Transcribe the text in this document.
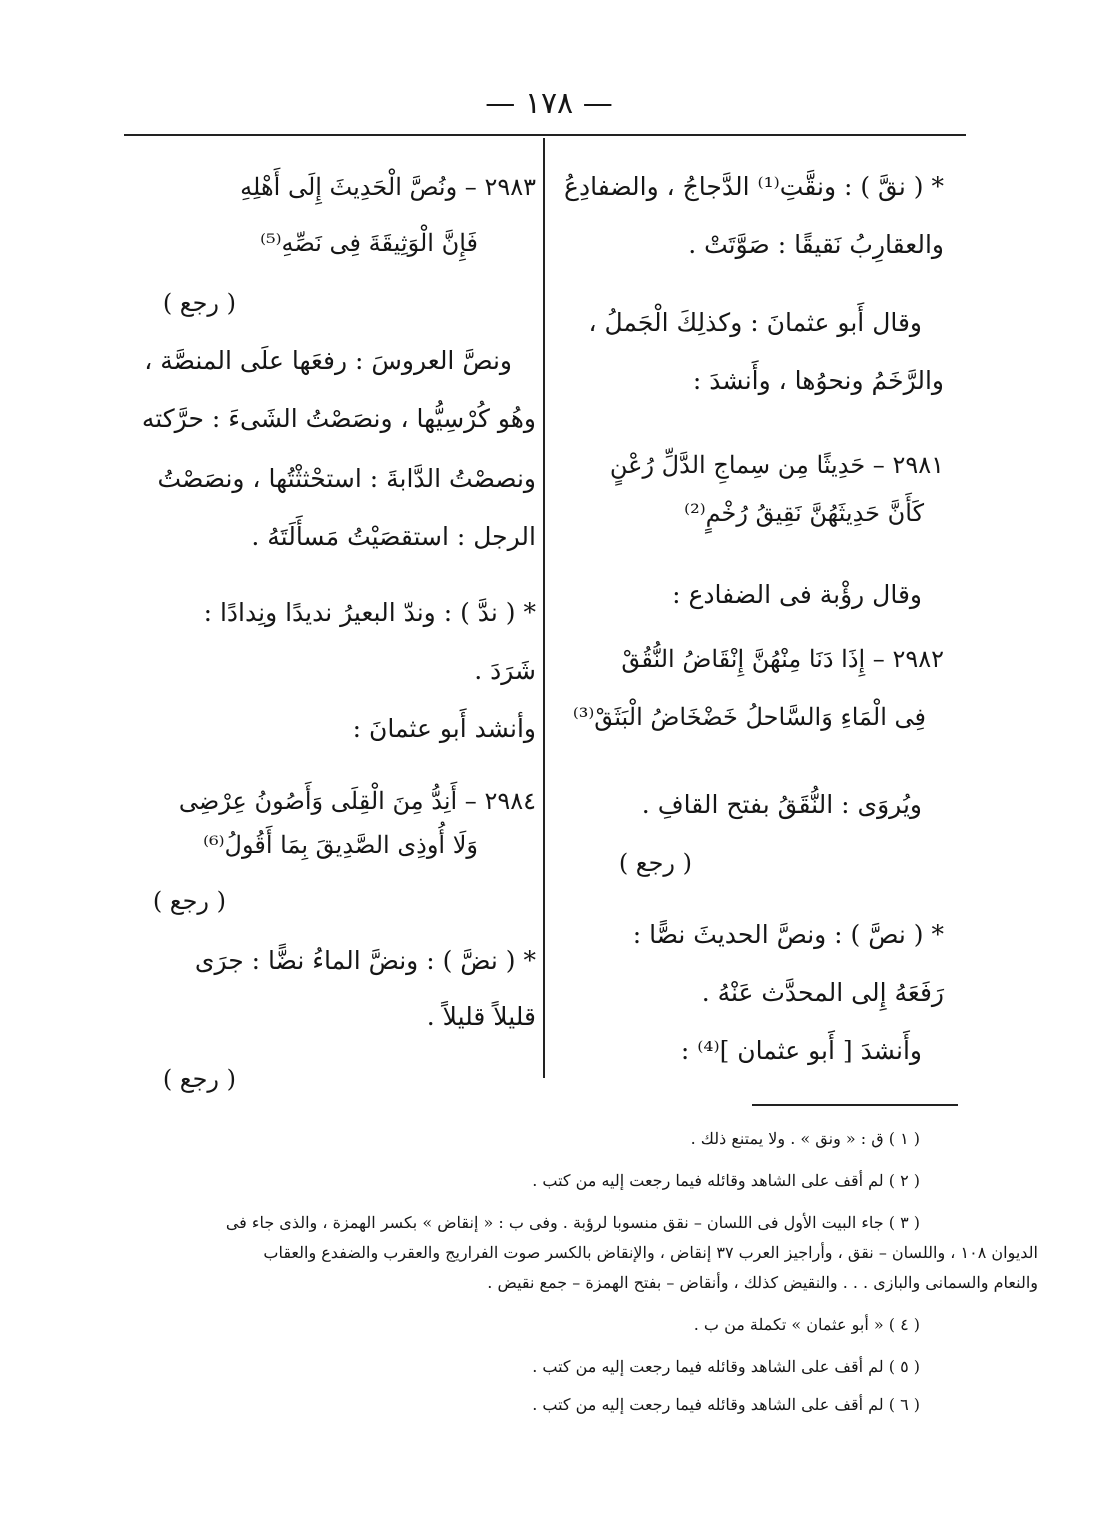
— ١٧٨ —
* ( نقَّ ) : ونقَّتِ⁽¹⁾ الدَّجاجُ ، والضفادِعُ
والعقارِبُ نَقيقًا : صَوَّتَتْ .
وقال أَبو عثمانَ : وكذلِكَ الْجَملُ ،
والرَّخَمُ ونحوُها ، وأَنشدَ :
٢٩٨١ – حَدِيثًا مِن سِماجِ الدَّلِّ رُعْنٍ
كَأَنَّ حَدِيثَهُنَّ نَقِيقُ رُخْمٍ⁽²⁾
وقال رؤْبة فى الضفادع :
٢٩٨٢ – إِذَا دَنَا مِنْهُنَّ إِنْقَاضُ النُّقُقْ
فِى الْمَاءِ وَالسَّاحلُ خَضْخَاضُ الْبَثَقْ⁽³⁾
ويُروَى : النُّقَقُ بفتح القافِ .
( رجع )
* ( نصَّ ) : ونصَّ الحديثَ نصًّا :
رَفَعَهُ إِلى المحدَّث عَنْهُ .
وأَنشدَ [ أَبو عثمان ]⁽⁴⁾ :
٢٩٨٣ – ونُصَّ الْحَدِيثَ إِلَى أَهْلِهِ
فَإِنَّ الْوَثِيقَةَ فِى نَصِّهِ⁽⁵⁾
( رجع )
ونصَّ العروسَ : رفعَها علَى المنصَّة ،
وهُو كُرْسِيُّها ، ونصَصْتُ الشَىءَ : حرَّكته
ونصصْتُ الدَّابةَ : استحْثثْتُها ، ونصَصْتُ
الرجل : استقصَيْتُ مَسأَلَتَهُ .
* ( ندَّ ) : وندّ البعيرُ نديدًا ونِدادًا :
شَرَدَ .
وأنشد أَبو عثمانَ :
٢٩٨٤ – أَنِدُّ مِنَ الْقِلَى وَأَصُونُ عِرْضِى
وَلَا أُوذِى الصَّدِيقَ بِمَا أَقُولُ⁽⁶⁾
( رجع )
* ( نضَّ ) : ونضَّ الماءُ نضًّا : جرَى
قليلاً قليلاً .
( رجع )
( ١ ) ق : « ونق » . ولا يمتنع ذلك .
( ٢ ) لم أقف على الشاهد وقائله فيما رجعت إليه من كتب .
( ٣ ) جاء البيت الأول فى اللسان – نقق منسوبا لرؤبة . وفى ب : « إنقاض » بكسر الهمزة ، والذى جاء فى
الديوان ١٠٨ ، واللسان – نقق ، وأراجيز العرب ٣٧ إنقاض ، والإنقاض بالكسر صوت الفراريج والعقرب والضفدع والعقاب
والنعام والسمانى والبازى . . . والنقيض كذلك ، وأنقاض – بفتح الهمزة – جمع نقيض .
( ٤ ) « أبو عثمان » تكملة من ب .
( ٥ ) لم أقف على الشاهد وقائله فيما رجعت إليه من كتب .
( ٦ ) لم أقف على الشاهد وقائله فيما رجعت إليه من كتب .
